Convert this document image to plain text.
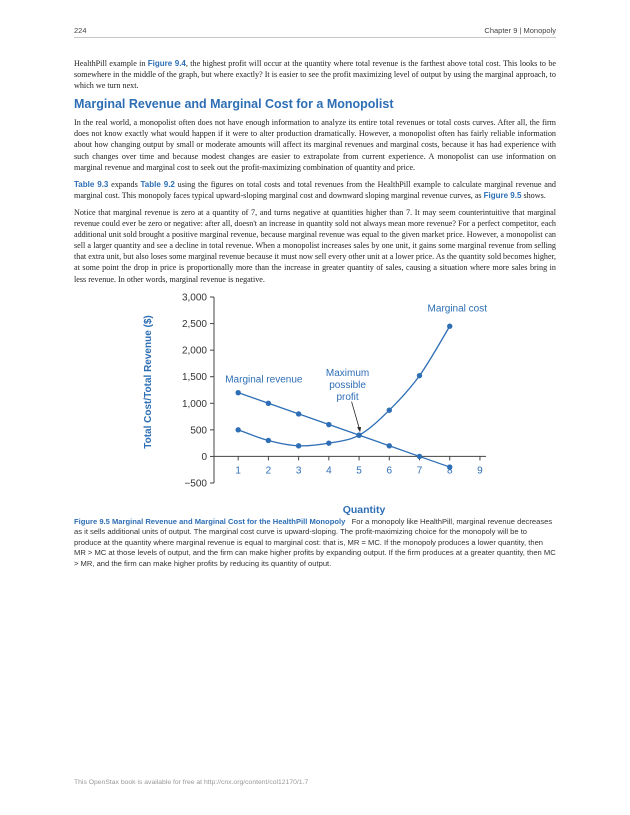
224	Chapter 9 | Monopoly

HealthPill example in Figure 9.4, the highest profit will occur at the quantity where total revenue is the farthest above total cost. This looks to be somewhere in the middle of the graph, but where exactly? It is easier to see the profit maximizing level of output by using the marginal approach, to which we turn next.

Marginal Revenue and Marginal Cost for a Monopolist

In the real world, a monopolist often does not have enough information to analyze its entire total revenues or total costs curves. After all, the firm does not know exactly what would happen if it were to alter production dramatically. However, a monopolist often has fairly reliable information about how changing output by small or moderate amounts will affect its marginal revenues and marginal costs, because it has had experience with such changes over time and because modest changes are easier to extrapolate from current experience. A monopolist can use information on marginal revenue and marginal cost to seek out the profit-maximizing combination of quantity and price.

Table 9.3 expands Table 9.2 using the figures on total costs and total revenues from the HealthPill example to calculate marginal revenue and marginal cost. This monopoly faces typical upward-sloping marginal cost and downward sloping marginal revenue curves, as Figure 9.5 shows.

Notice that marginal revenue is zero at a quantity of 7, and turns negative at quantities higher than 7. It may seem counterintuitive that marginal revenue could ever be zero or negative: after all, doesn't an increase in quantity sold not always mean more revenue? For a perfect competitor, each additional unit sold brought a positive marginal revenue, because marginal revenue was equal to the given market price. However, a monopolist can sell a larger quantity and see a decline in total revenue. When a monopolist increases sales by one unit, it gains some marginal revenue from selling that extra unit, but also loses some marginal revenue because it must now sell every other unit at a lower price. As the quantity sold becomes higher, at some point the drop in price is proportionally more than the increase in greater quantity of sales, causing a situation where more sales bring in less revenue. In other words, marginal revenue is negative.

−500
0
500
1,000
1,500
2,000
2,500
3,000
1 2 3 4 5 6 7 8 9
Quantity
Total Cost/Total Revenue ($)	Marginal revenue
Marginal cost
Maximum
possible
profit
Figure 9.5 Marginal Revenue and Marginal Cost for the HealthPill Monopoly For a monopoly like HealthPill, marginal revenue decreases as it sells additional units of output. The marginal cost curve is upward-sloping. The profit-maximizing choice for the monopoly will be to produce at the quantity where marginal revenue is equal to marginal cost: that is, MR = MC. If the monopoly produces a lower quantity, then MR > MC at those levels of output, and the firm can make higher profits by expanding output. If the firm produces at a greater quantity, then MC > MR, and the firm can make higher profits by reducing its quantity of output.
This OpenStax book is available for free at http://cnx.org/content/col12170/1.7
